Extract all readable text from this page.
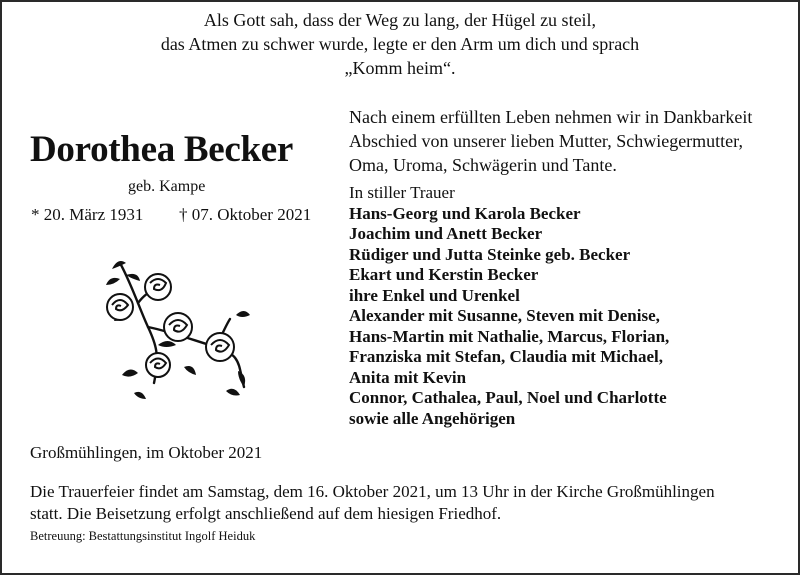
Als Gott sah, dass der Weg zu lang, der Hügel zu steil,
das Atmen zu schwer wurde, legte er den Arm um dich und sprach
„Komm heim“.
Dorothea Becker
geb. Kampe
* 20. März 1931 † 07. Oktober 2021
Nach einem erfüllten Leben nehmen wir in Dankbarkeit
Abschied von unserer lieben Mutter, Schwiegermutter,
Oma, Uroma, Schwägerin und Tante.
In stiller Trauer
Hans-Georg und Karola Becker
Joachim und Anett Becker
Rüdiger und Jutta Steinke geb. Becker
Ekart und Kerstin Becker
ihre Enkel und Urenkel
Alexander mit Susanne, Steven mit Denise,
Hans-Martin mit Nathalie, Marcus, Florian,
Franziska mit Stefan, Claudia mit Michael,
Anita mit Kevin
Connor, Cathalea, Paul, Noel und Charlotte
sowie alle Angehörigen
Großmühlingen, im Oktober 2021
Die Trauerfeier findet am Samstag, dem 16. Oktober 2021, um 13 Uhr in der Kirche Großmühlingen
statt. Die Beisetzung erfolgt anschließend auf dem hiesigen Friedhof.
Betreuung: Bestattungsinstitut Ingolf Heiduk
